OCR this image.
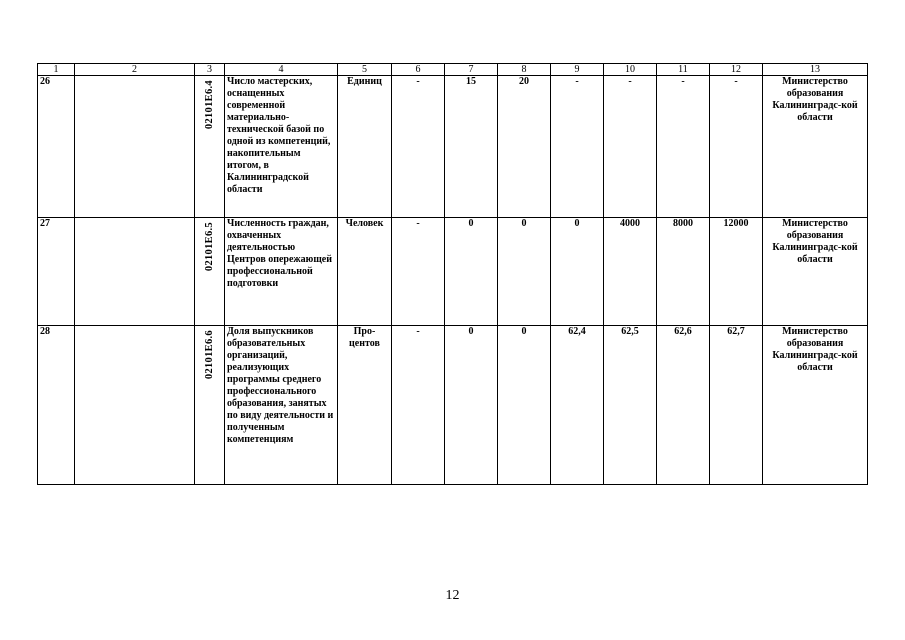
1	2	3	4	5	6	7	8	9	10	11	12	13
26		02101E6.4	Число мастерских, оснащенных современной материально-технической базой по одной из компетенций, накопительным итогом, в Калининградской области	Единиц	-	15	20	-	-	-	-	Министерство образования Калининградс-кой области
27		02101E6.5	Численность граждан, охваченных деятельностью Центров опережающей профессиональной подготовки	Человек	-	0	0	0	4000	8000	12000	Министерство образования Калининградс-кой области
28		02101E6.6	Доля выпускников образовательных организаций, реализующих программы среднего профессионального образования, занятых по виду деятельности и полученным компетенциям	Про-центов	-	0	0	62,4	62,5	62,6	62,7	Министерство образования Калининградс-кой области
12
